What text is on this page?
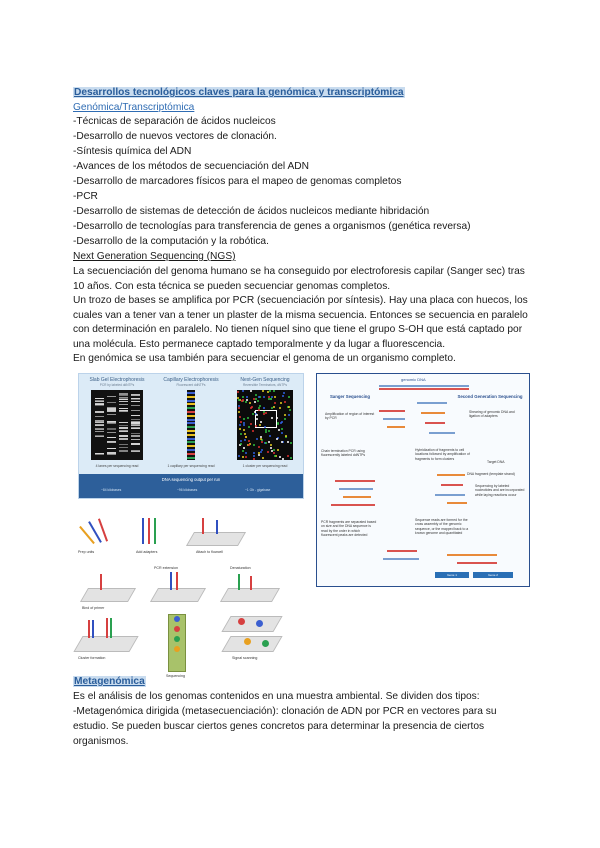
Desarrollos tecnológicos claves para la genómica y transcriptómica
Genómica/Transcriptómica
-Técnicas de separación de ácidos nucleicos
-Desarrollo de nuevos vectores de clonación.
-Síntesis química del ADN
-Avances de los métodos de secuenciación del ADN
-Desarrollo de marcadores físicos para el mapeo de genomas completos
-PCR
-Desarrollo de sistemas de detección de ácidos nucleicos mediante hibridación
-Desarrollo de tecnologías para transferencia de genes a organismos (genética reversa)
-Desarrollo de la computación y la robótica.
Next Generation Sequencing (NGS)
La secuenciación del genoma humano se ha conseguido por electroforesis capilar (Sanger sec) tras
10 años. Con esta técnica se pueden secuenciar genomas completos.
Un trozo de bases se amplifica por PCR (secuenciación por síntesis). Hay una placa con huecos, los
cuales van a tener van a tener un plaster de la misma secuencia. Entonces se secuencia en paralelo
con determinación en paralelo. No tienen níquel sino que tiene el grupo S-OH que está captado por
una molécula. Esto permanece captado temporalmente y da lugar a fluorescencia.
En genómica se usa también para secuenciar el genoma de un organismo completo.
Metagenómica
Es el análisis de los genomas contenidos en una muestra ambiental. Se dividen dos tipos:
-Metagenómica dirigida (metasecuenciación): clonación de ADN por PCR en vectores para su
estudio. Se pueden buscar ciertos genes concretos para determinar la presencia de ciertos
organismos.
Slab Gel Electrophoresis
PCR by labeled ddNTPs
4 lanes per sequencing read
Capillary Electrophoresis
Fluorescent ddNTPs
1 capillary per sequencing read
Next-Gen Sequencing
Reversible Terminators, dNTPs
1 cluster per sequencing read
DNA sequencing output per run
~84 kilobases	~96 kilobases	~1 Gb - gigabase
genomic DNA
Sanger Sequencing	Second Generation Sequencing
Amplification of region of interest by PCR
Chain termination PCR using fluorescently labeled ddNTPs
PCR fragments are separated based on size and the DNA sequence is read by the order in which fluorescent peaks are detected
Shearing of genomic DNA and ligation of adapters
Hybridization of fragments to cell locations followed by amplification of fragments to form clusters
Sequencing by labeled nucleotides and are incorporated while laying reactions occur
Sequence reads are formed for the cross assembly of the genomic sequence, or the mapped back to a known genome and quantitated
Target DNA
DNA fragment (template strand)
Gene 1	Gene 2
Prep units	Add adapters	Attach to flowcell
Bind of primer
PCR extension	Denaturation
Cluster formation
Sequencing
Signal scanning
